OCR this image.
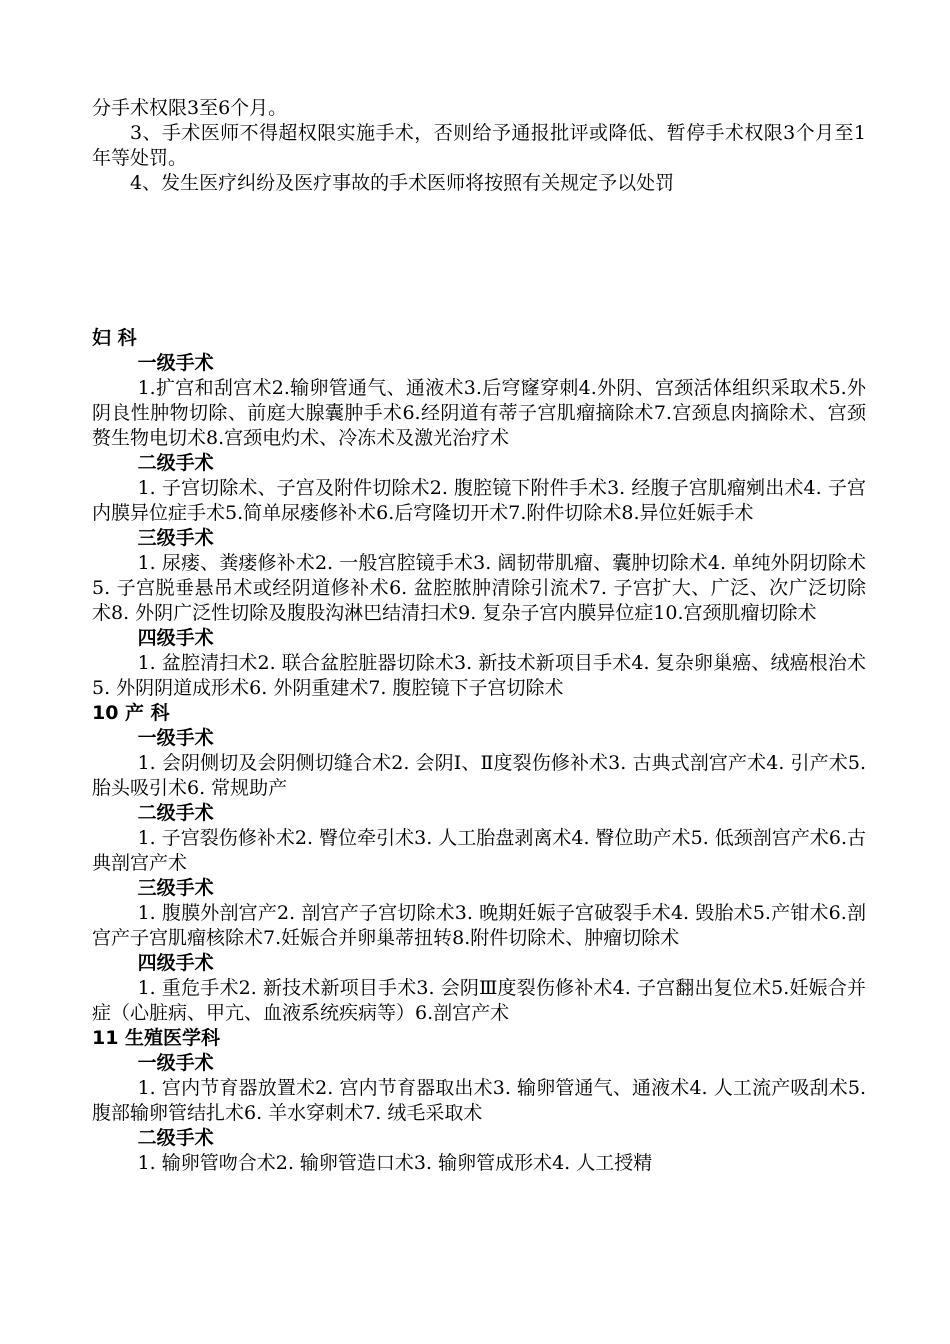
分手术权限3至6个月。

3、手术医师不得超权限实施手术，否则给予通报批评或降低、暂停手术权限3个月至1年等处罚。

4、发生医疗纠纷及医疗事故的手术医师将按照有关规定予以处罚

妇 科

一级手术

1.扩宫和刮宫术2.输卵管通气、通液术3.后穹窿穿刺4.外阴、宫颈活体组织采取术5.外阴良性肿物切除、前庭大腺囊肿手术6.经阴道有蒂子宫肌瘤摘除术7.宫颈息肉摘除术、宫颈赘生物电切术8.宫颈电灼术、冷冻术及激光治疗术

二级手术

1. 子宫切除术、子宫及附件切除术2. 腹腔镜下附件手术3. 经腹子宫肌瘤剜出术4. 子宫内膜异位症手术5.简单尿瘘修补术6.后穹隆切开术7.附件切除术8.异位妊娠手术

三级手术

1. 尿瘘、粪瘘修补术2. 一般宫腔镜手术3. 阔韧带肌瘤、囊肿切除术4. 单纯外阴切除术5. 子宫脱垂悬吊术或经阴道修补术6. 盆腔脓肿清除引流术7. 子宫扩大、广泛、次广泛切除术8. 外阴广泛性切除及腹股沟淋巴结清扫术9. 复杂子宫内膜异位症10.宫颈肌瘤切除术

四级手术

1. 盆腔清扫术2. 联合盆腔脏器切除术3. 新技术新项目手术4. 复杂卵巢癌、绒癌根治术5. 外阴阴道成形术6. 外阴重建术7. 腹腔镜下子宫切除术

10 产 科

一级手术

1. 会阴侧切及会阴侧切缝合术2. 会阴Ⅰ、Ⅱ度裂伤修补术3. 古典式剖宫产术4. 引产术5. 胎头吸引术6. 常规助产

二级手术

1. 子宫裂伤修补术2. 臀位牵引术3. 人工胎盘剥离术4. 臀位助产术5. 低颈剖宫产术6.古典剖宫产术

三级手术

1. 腹膜外剖宫产2. 剖宫产子宫切除术3. 晚期妊娠子宫破裂手术4. 毁胎术5.产钳术6.剖宫产子宫肌瘤核除术7.妊娠合并卵巢蒂扭转8.附件切除术、肿瘤切除术

四级手术

1. 重危手术2. 新技术新项目手术3. 会阴Ⅲ度裂伤修补术4. 子宫翻出复位术5.妊娠合并症（心脏病、甲亢、血液系统疾病等）6.剖宫产术

11 生殖医学科

一级手术

1. 宫内节育器放置术2. 宫内节育器取出术3. 输卵管通气、通液术4. 人工流产吸刮术5. 腹部输卵管结扎术6. 羊水穿刺术7. 绒毛采取术

二级手术

1. 输卵管吻合术2. 输卵管造口术3. 输卵管成形术4. 人工授精
